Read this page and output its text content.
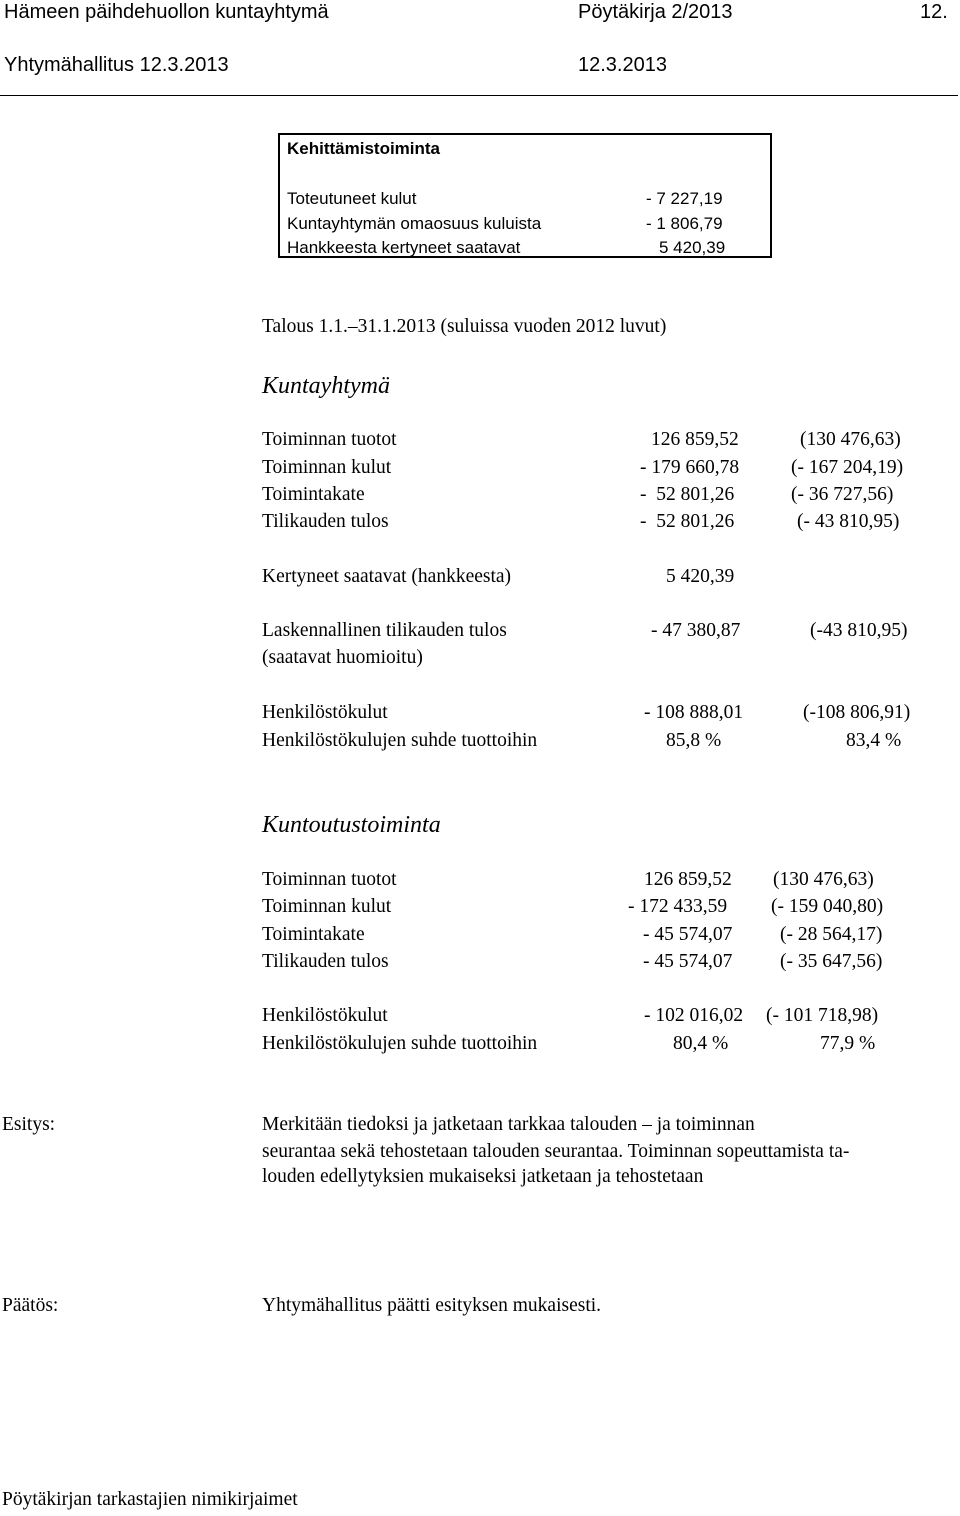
Hämeen päihdehuollon kuntayhtymä	Pöytäkirja 2/2013	12.
Yhtymähallitus 12.3.2013	12.3.2013
Kehittämistoiminta
Toteutuneet kulut	- 7 227,19
Kuntayhtymän omaosuus kuluista	- 1 806,79
Hankkeesta kertyneet saatavat	5 420,39
Talous 1.1.–31.1.2013 (suluissa vuoden 2012 luvut)
Kuntayhtymä
Toiminnan tuotot	126 859,52	(130 476,63)
Toiminnan kulut	- 179 660,78	(- 167 204,19)
Toimintakate	-  52 801,26	(- 36 727,56)
Tilikauden tulos	-  52 801,26	(- 43 810,95)
Kertyneet saatavat (hankkeesta)	5 420,39
Laskennallinen tilikauden tulos	- 47 380,87	(-43 810,95)
(saatavat huomioitu)
Henkilöstökulut	- 108 888,01	(-108 806,91)
Henkilöstökulujen suhde tuottoihin	85,8 %	83,4 %
Kuntoutustoiminta
Toiminnan tuotot	126 859,52 (130 476,63)
Toiminnan kulut	- 172 433,59 (- 159 040,80)
Toimintakate	- 45 574,07 (- 28 564,17)
Tilikauden tulos	- 45 574,07 (- 35 647,56)
Henkilöstökulut	- 102 016,02 (- 101 718,98)
Henkilöstökulujen suhde tuottoihin	80,4 %	77,9 %
Esitys:	Merkitään tiedoksi ja jatketaan tarkkaa talouden – ja toiminnan
seurantaa sekä tehostetaan talouden seurantaa. Toiminnan sopeuttamista ta-
louden edellytyksien mukaiseksi jatketaan ja tehostetaan
Päätös:	Yhtymähallitus päätti esityksen mukaisesti.
Pöytäkirjan tarkastajien nimikirjaimet
